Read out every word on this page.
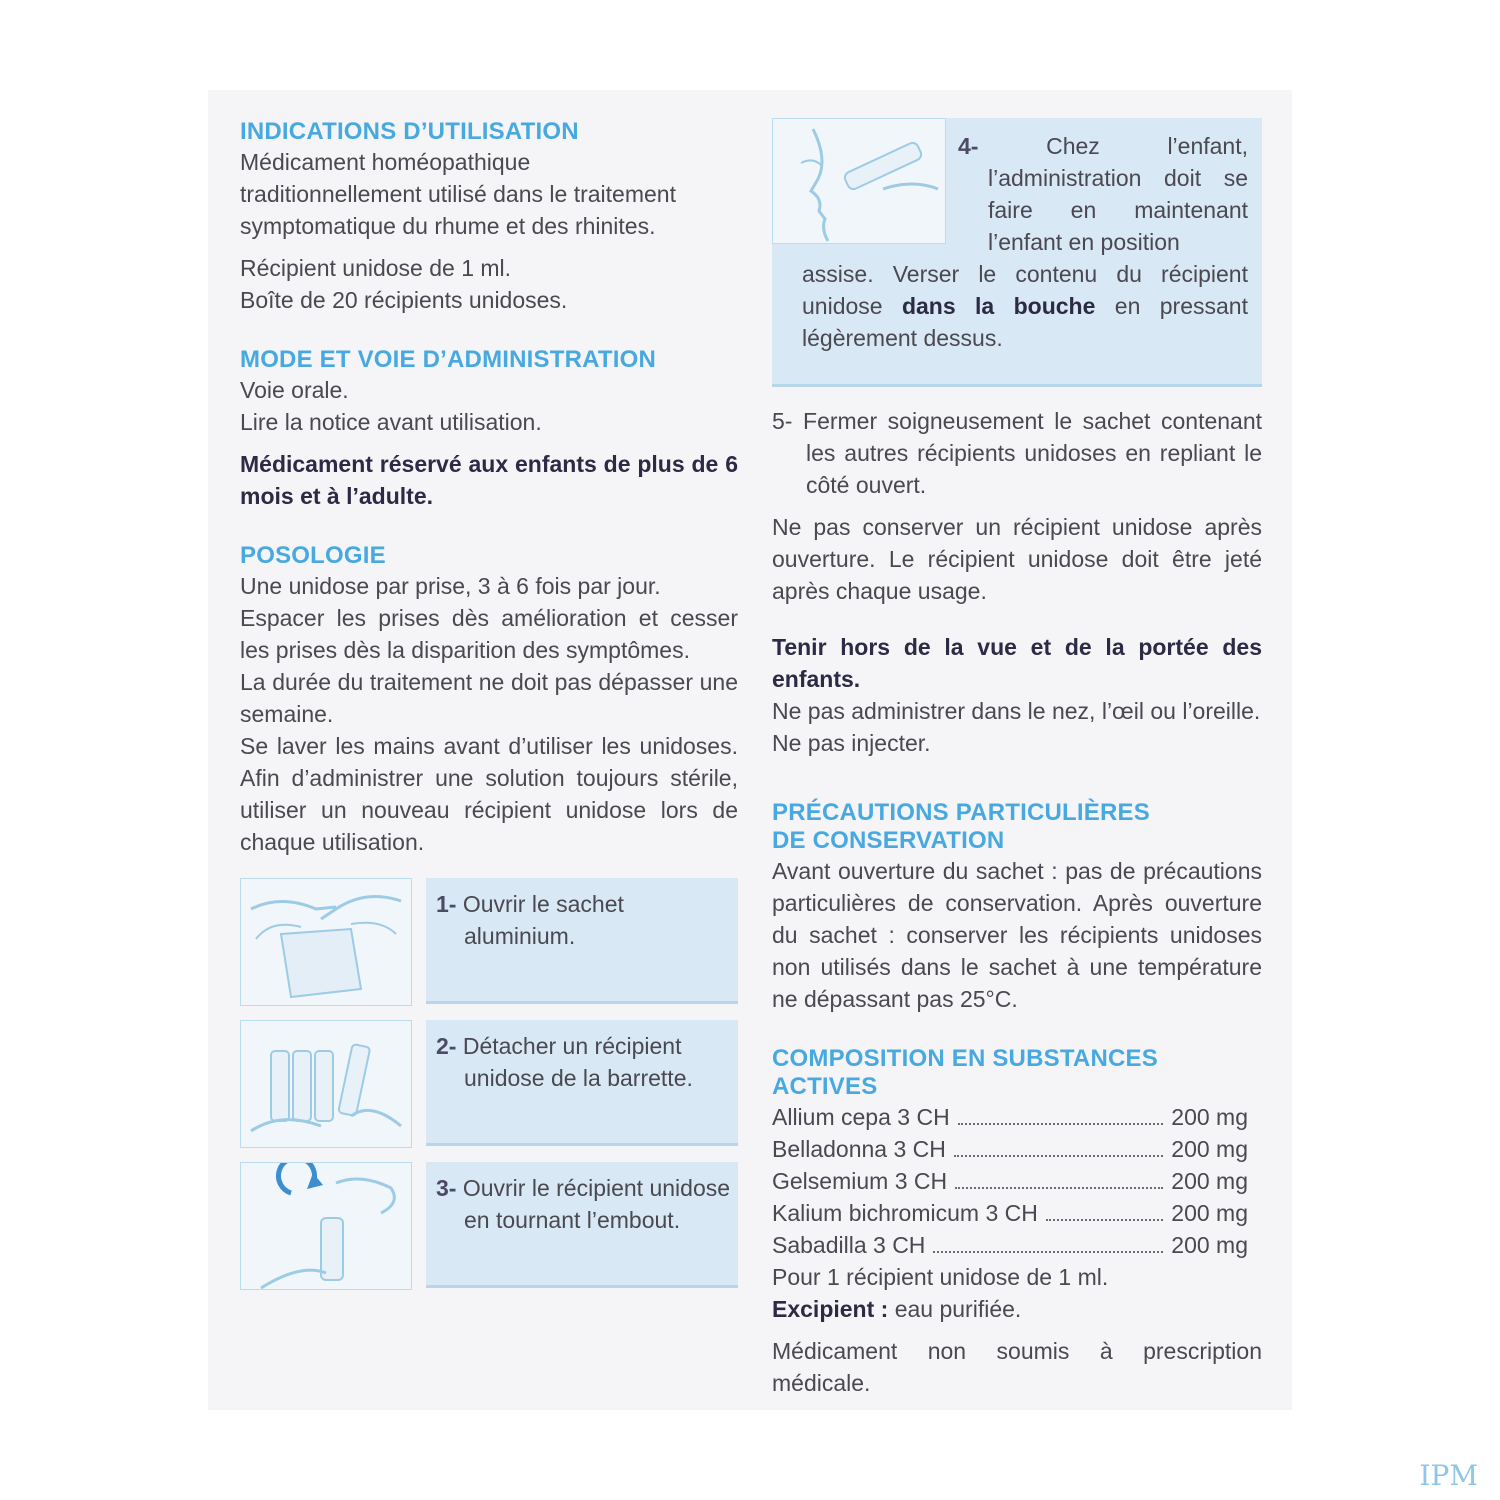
INDICATIONS D’UTILISATION

Médicament homéopathique traditionnellement utilisé dans le traitement symptomatique du rhume et des rhinites.

Récipient unidose de 1 ml.

Boîte de 20 récipients unidoses.

MODE ET VOIE D’ADMINISTRATION

Voie orale.

Lire la notice avant utilisation.

Médicament réservé aux enfants de plus de 6 mois et à l’adulte.

POSOLOGIE

Une unidose par prise, 3 à 6 fois par jour.

Espacer les prises dès amélioration et cesser les prises dès la disparition des symptômes.

La durée du traitement ne doit pas dépasser une semaine.

Se laver les mains avant d’utiliser les unidoses. Afin d’administrer une solution toujours stérile, utiliser un nouveau récipient unidose lors de chaque utilisation.

1- Ouvrir le sachet aluminium.

2- Détacher un récipient unidose de la barrette.

3- Ouvrir le récipient unidose en tournant l’embout.

4-	Chez l’enfant, l’administration doit se faire en maintenant l’enfant en position

assise. Verser le contenu du récipient unidose dans la bouche en pressant légèrement dessus.

5- Fermer soigneusement le sachet contenant les autres récipients unidoses en repliant le côté ouvert.

Ne pas conserver un récipient unidose après ouverture. Le récipient unidose doit être jeté après chaque usage.

Tenir hors de la vue et de la portée des enfants.

Ne pas administrer dans le nez, l’œil ou l’oreille.

Ne pas injecter.

PRÉCAUTIONS PARTICULIÈRES
DE CONSERVATION

Avant ouverture du sachet : pas de précautions particulières de conservation. Après ouverture du sachet : conserver les récipients unidoses non utilisés dans le sachet à une température ne dépassant pas 25°C.

COMPOSITION EN SUBSTANCES ACTIVES
Allium cepa 3 CH	200 mg
Belladonna 3 CH	200 mg
Gelsemium 3 CH	200 mg
Kalium bichromicum 3 CH	200 mg
Sabadilla 3 CH	200 mg

Pour 1 récipient unidose de 1 ml.

Excipient : eau purifiée.

Médicament non soumis à prescription médicale.

IPM
